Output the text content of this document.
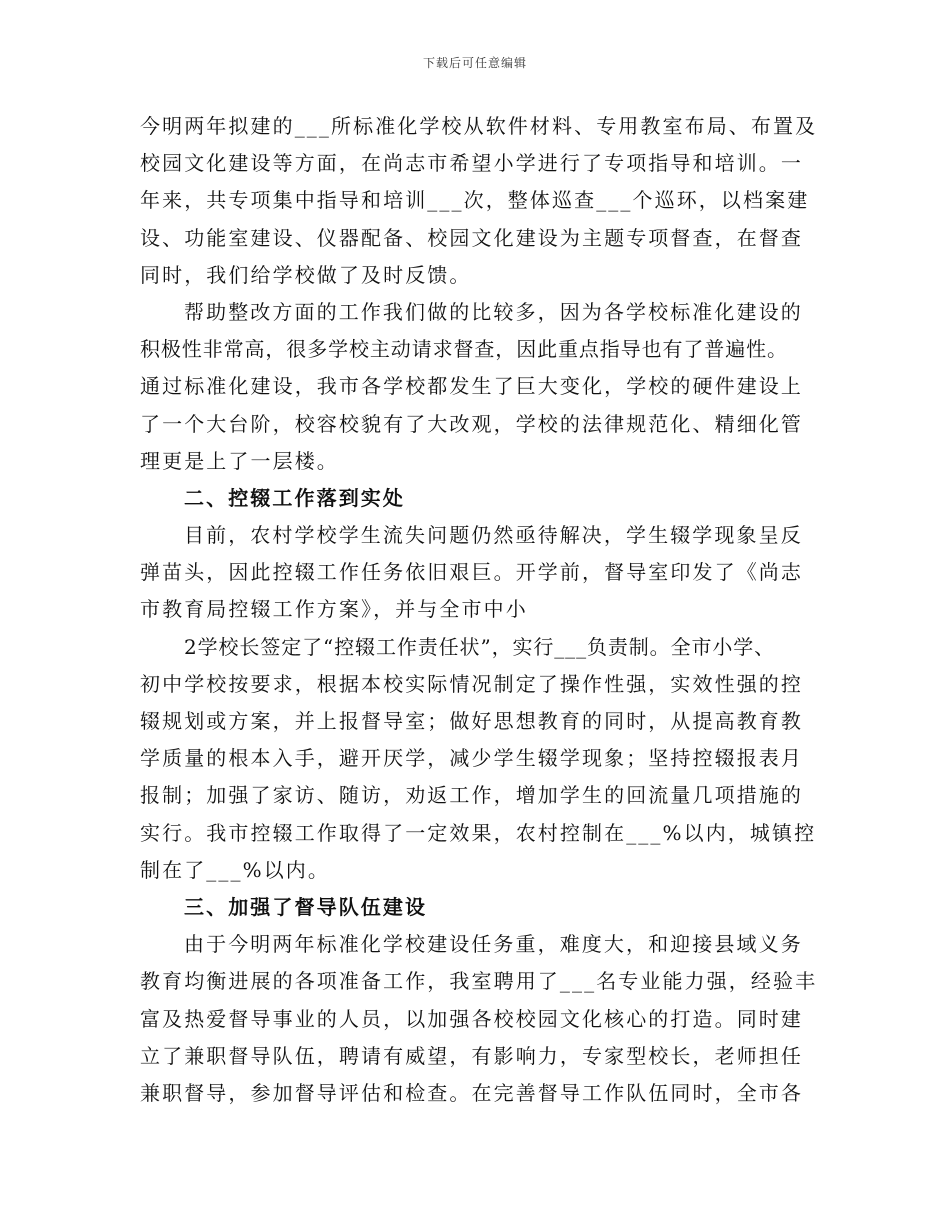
下载后可任意编辑
今明两年拟建的___所标准化学校从软件材料、专用教室布局、布置及
校园文化建设等方面，在尚志市希望小学进行了专项指导和培训。一
年来，共专项集中指导和培训___次，整体巡查___个巡环，以档案建
设、功能室建设、仪器配备、校园文化建设为主题专项督查，在督查
同时，我们给学校做了及时反馈。
帮助整改方面的工作我们做的比较多，因为各学校标准化建设的
积极性非常高，很多学校主动请求督查，因此重点指导也有了普遍性。
通过标准化建设，我市各学校都发生了巨大变化，学校的硬件建设上
了一个大台阶，校容校貌有了大改观，学校的法律规范化、精细化管
理更是上了一层楼。
二、控辍工作落到实处
目前，农村学校学生流失问题仍然亟待解决，学生辍学现象呈反
弹苗头，因此控辍工作任务依旧艰巨。开学前，督导室印发了《尚志
市教育局控辍工作方案》，并与全市中小
2学校长签定了“控辍工作责任状”，实行___负责制。全市小学、
初中学校按要求，根据本校实际情况制定了操作性强，实效性强的控
辍规划或方案，并上报督导室；做好思想教育的同时，从提高教育教
学质量的根本入手，避开厌学，减少学生辍学现象；坚持控辍报表月
报制；加强了家访、随访，劝返工作，增加学生的回流量几项措施的
实行。我市控辍工作取得了一定效果，农村控制在___%以内，城镇控
制在了___%以内。
三、加强了督导队伍建设
由于今明两年标准化学校建设任务重，难度大，和迎接县域义务
教育均衡进展的各项准备工作，我室聘用了___名专业能力强，经验丰
富及热爱督导事业的人员，以加强各校校园文化核心的打造。同时建
立了兼职督导队伍，聘请有威望，有影响力，专家型校长，老师担任
兼职督导，参加督导评估和检查。在完善督导工作队伍同时，全市各
